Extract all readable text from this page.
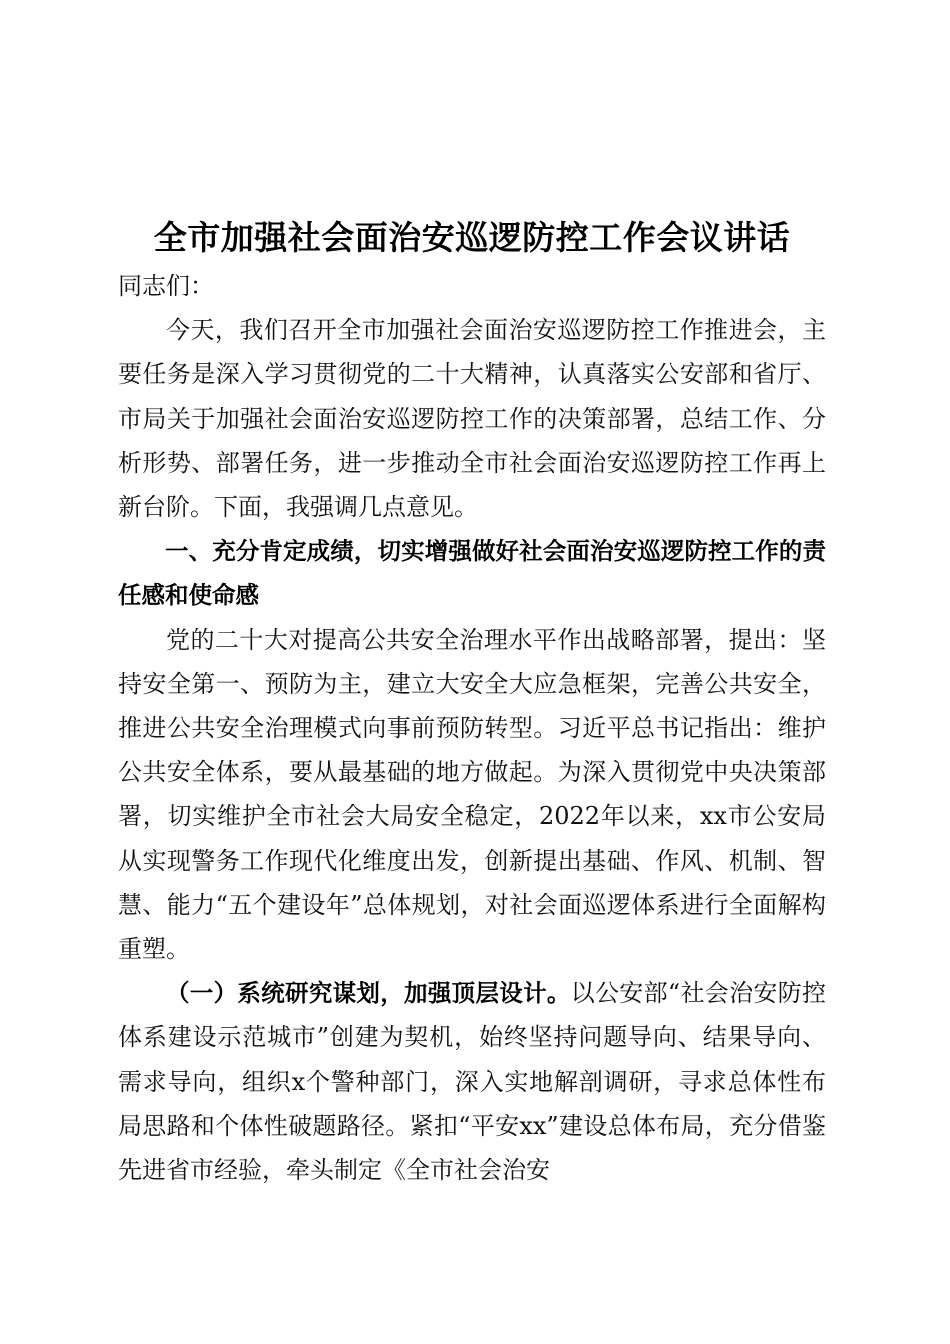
全市加强社会面治安巡逻防控工作会议讲话

同志们：

今天，我们召开全市加强社会面治安巡逻防控工作推进会，主要任务是深入学习贯彻党的二十大精神，认真落实公安部和省厅、市局关于加强社会面治安巡逻防控工作的决策部署，总结工作、分析形势、部署任务，进一步推动全市社会面治安巡逻防控工作再上新台阶。下面，我强调几点意见。

一、充分肯定成绩，切实增强做好社会面治安巡逻防控工作的责任感和使命感

党的二十大对提高公共安全治理水平作出战略部署，提出：坚持安全第一、预防为主，建立大安全大应急框架，完善公共安全，推进公共安全治理模式向事前预防转型。习近平总书记指出：维护公共安全体系，要从最基础的地方做起。为深入贯彻党中央决策部署，切实维护全市社会大局安全稳定，2022年以来，xx市公安局从实现警务工作现代化维度出发，创新提出基础、作风、机制、智慧、能力“五个建设年”总体规划，对社会面巡逻体系进行全面解构重塑。

（一）系统研究谋划，加强顶层设计。以公安部“社会治安防控体系建设示范城市”创建为契机，始终坚持问题导向、结果导向、需求导向，组织x个警种部门，深入实地解剖调研，寻求总体性布局思路和个体性破题路径。紧扣“平安xx”建设总体布局，充分借鉴先进省市经验，牵头制定《全市社会治安
